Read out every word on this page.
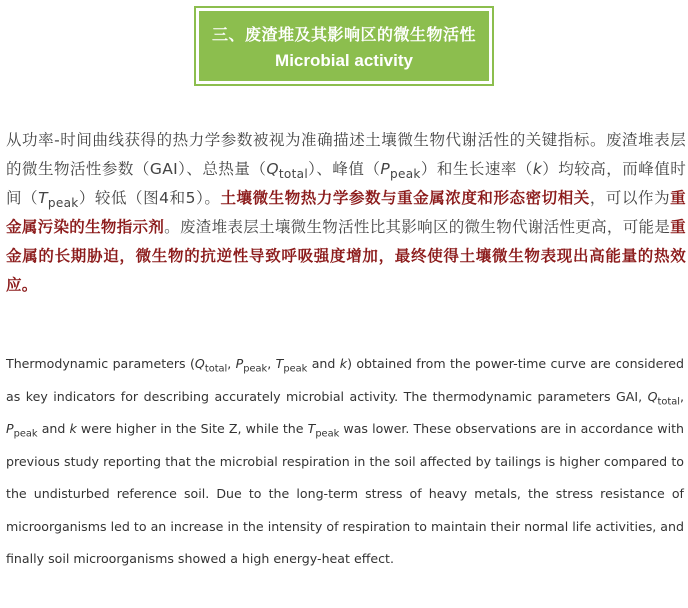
三、废渣堆及其影响区的微生物活性
Microbial activity
从功率-时间曲线获得的热力学参数被视为准确描述土壤微生物代谢活性的关键指标。废渣堆表层的微生物活性参数（GAI）、总热量$(Q_{total})$、峰值$(P_{peak})$和生长速率（k）均较高，而峰值时间$(T_{peak})$较低（图4和5）。土壤微生物热力学参数与重金属浓度和形态密切相关，可以作为重金属污染的生物指示剂。废渣堆表层土壤微生物活性比其影响区的微生物代谢活性更高，可能是重金属的长期胁迫，微生物的抗逆性导致呼吸强度增加，最终使得土壤微生物表现出高能量的热效应。
Thermodynamic parameters ($Q_{total}$, $P_{peak}$, $T_{peak}$ and k) obtained from the power-time curve are considered as key indicators for describing accurately microbial activity. The thermodynamic parameters GAI, $Q_{total}$, $P_{peak}$ and k were higher in the Site Z, while the $T_{peak}$ was lower. These observations are in accordance with previous study reporting that the microbial respiration in the soil affected by tailings is higher compared to the undisturbed reference soil. Due to the long-term stress of heavy metals, the stress resistance of microorganisms led to an increase in the intensity of respiration to maintain their normal life activities, and finally soil microorganisms showed a high energy-heat effect.
